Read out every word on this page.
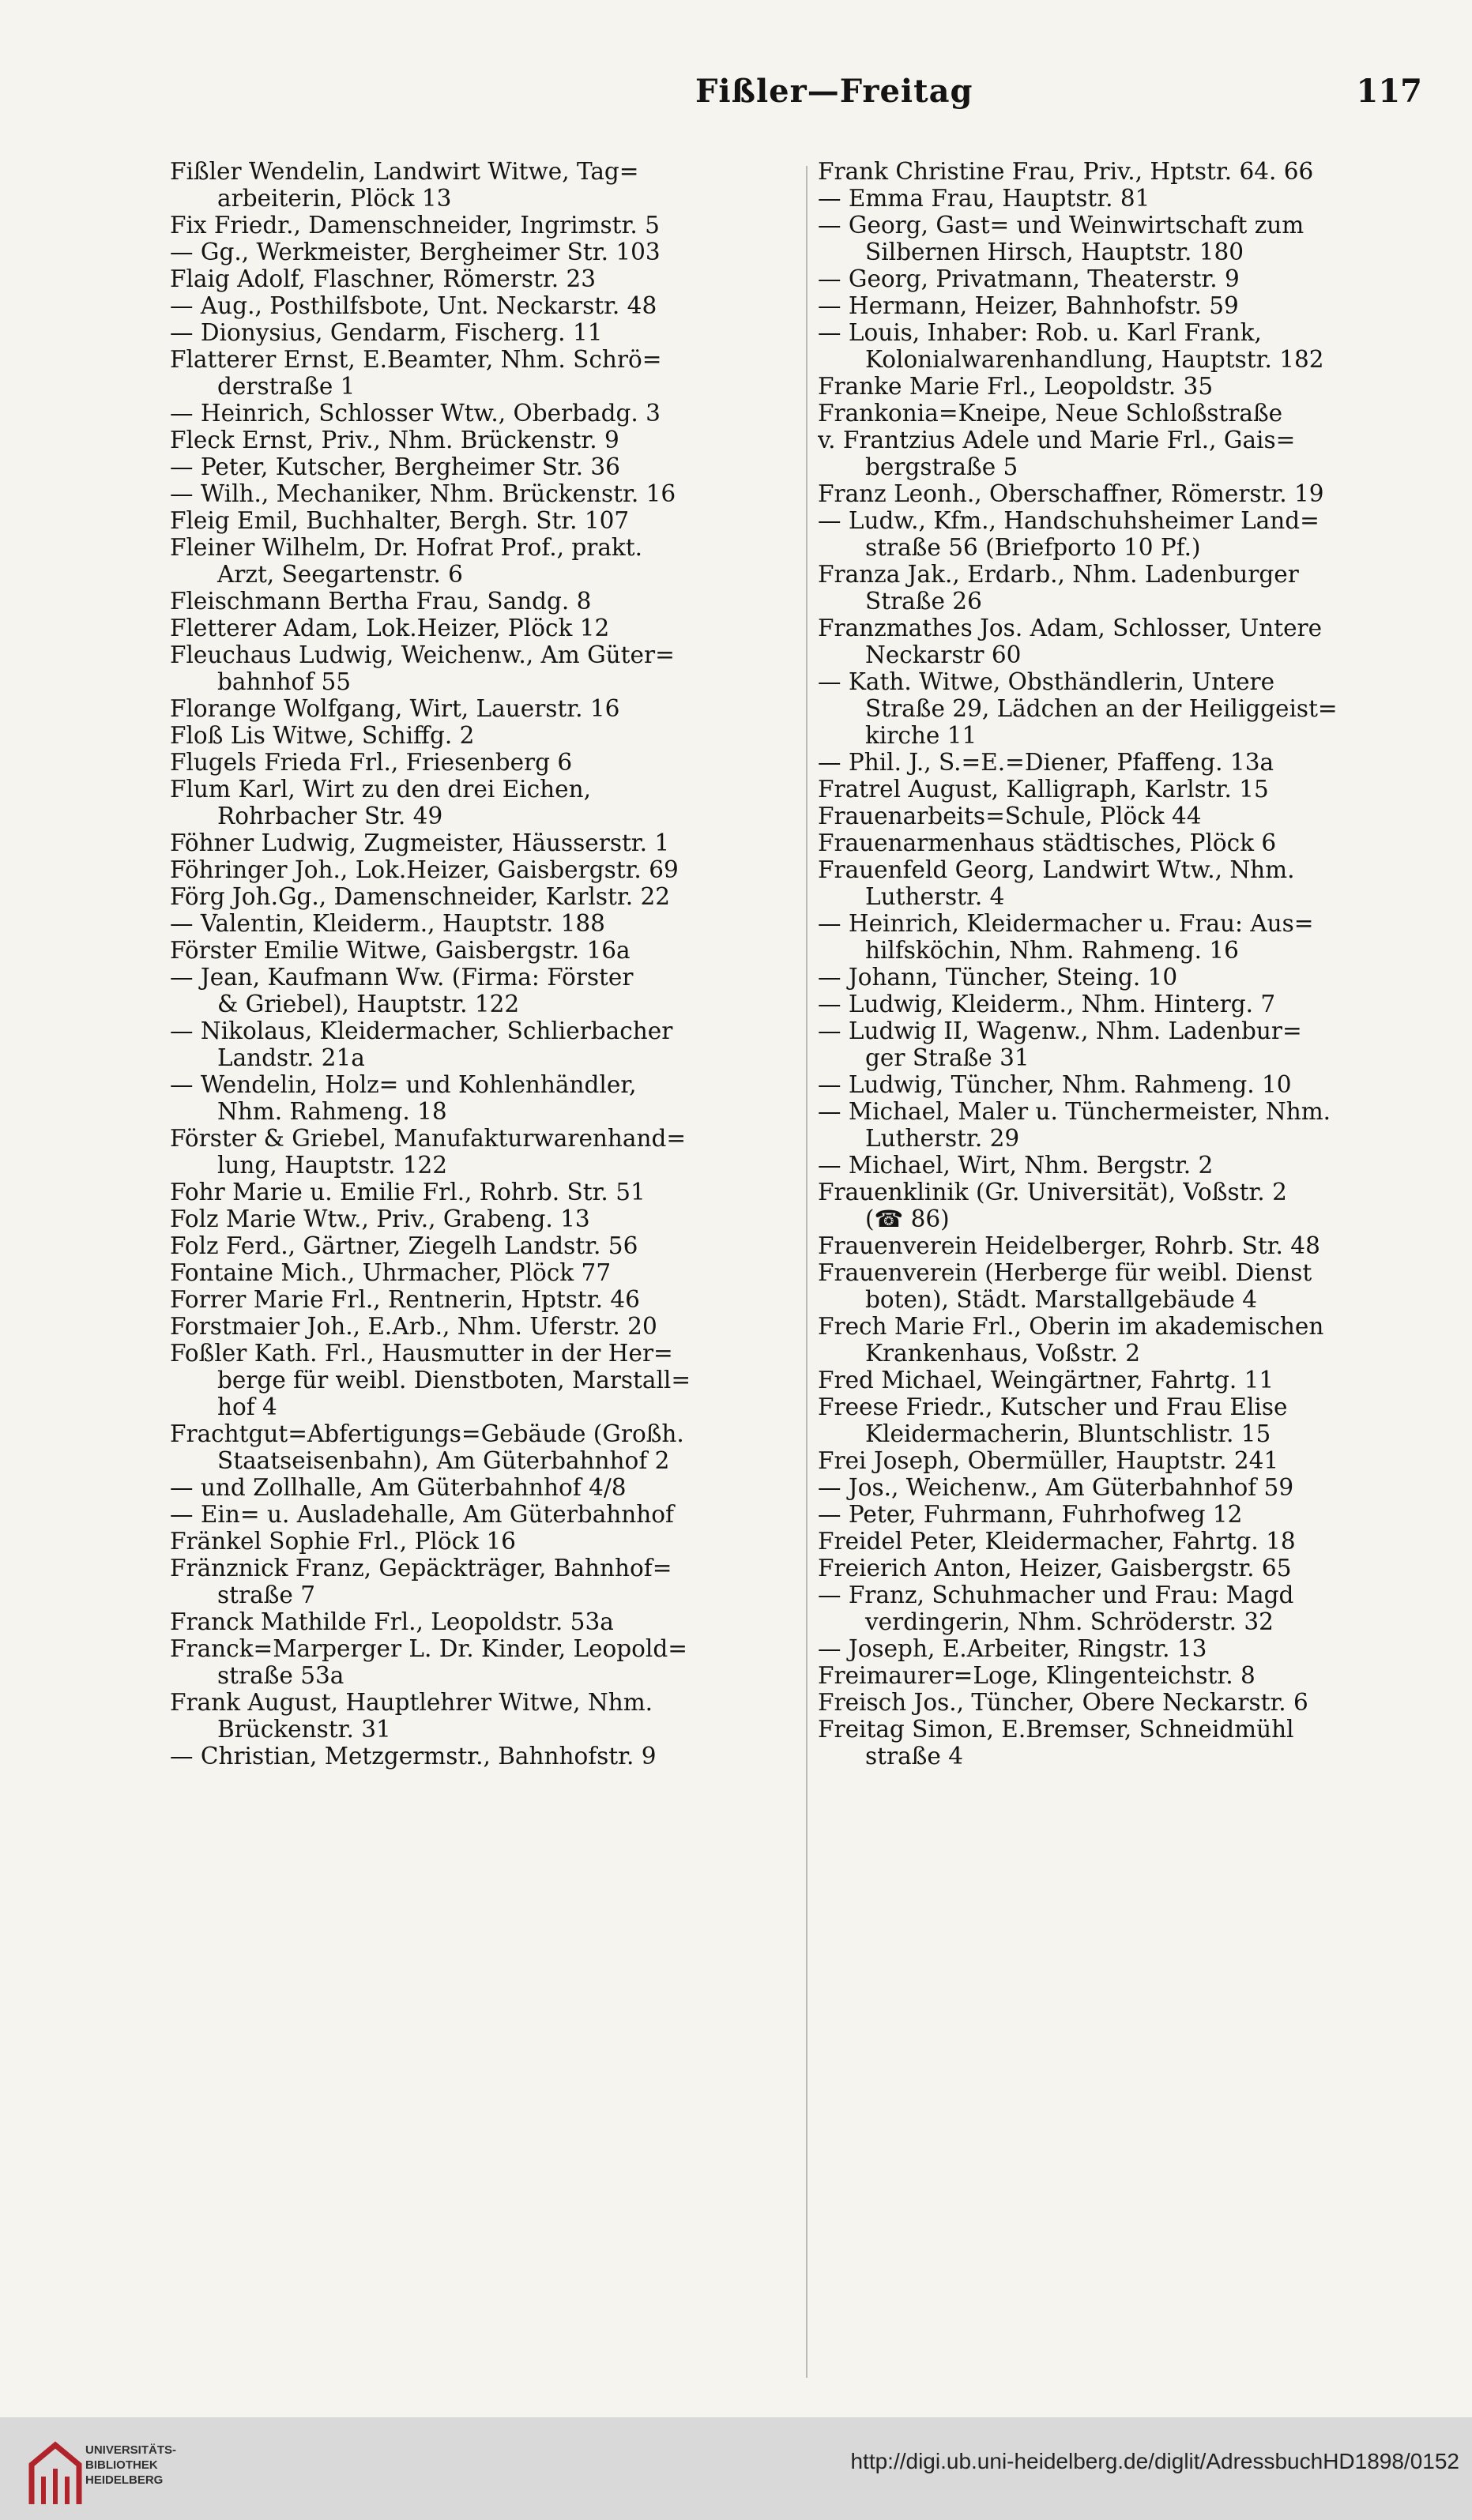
Fißler—Freitag	117
Fißler Wendelin, Landwirt Witwe, Tag=
arbeiterin, Plöck 13
Fix Friedr., Damenschneider, Ingrimstr. 5
— Gg., Werkmeister, Bergheimer Str. 103
Flaig Adolf, Flaschner, Römerstr. 23
— Aug., Posthilfsbote, Unt. Neckarstr. 48
— Dionysius, Gendarm, Fischerg. 11
Flatterer Ernst, E.Beamter, Nhm. Schrö=
derstraße 1
— Heinrich, Schlosser Wtw., Oberbadg. 3
Fleck Ernst, Priv., Nhm. Brückenstr. 9
— Peter, Kutscher, Bergheimer Str. 36
— Wilh., Mechaniker, Nhm. Brückenstr. 16
Fleig Emil, Buchhalter, Bergh. Str. 107
Fleiner Wilhelm, Dr. Hofrat Prof., prakt.
Arzt, Seegartenstr. 6
Fleischmann Bertha Frau, Sandg. 8
Fletterer Adam, Lok.Heizer, Plöck 12
Fleuchaus Ludwig, Weichenw., Am Güter=
bahnhof 55
Florange Wolfgang, Wirt, Lauerstr. 16
Floß Lis Witwe, Schiffg. 2
Flugels Frieda Frl., Friesenberg 6
Flum Karl, Wirt zu den drei Eichen,
Rohrbacher Str. 49
Föhner Ludwig, Zugmeister, Häusserstr. 1
Föhringer Joh., Lok.Heizer, Gaisbergstr. 69
Förg Joh.Gg., Damenschneider, Karlstr. 22
— Valentin, Kleiderm., Hauptstr. 188
Förster Emilie Witwe, Gaisbergstr. 16a
— Jean, Kaufmann Ww. (Firma: Förster
& Griebel), Hauptstr. 122
— Nikolaus, Kleidermacher, Schlierbacher
Landstr. 21a
— Wendelin, Holz= und Kohlenhändler,
Nhm. Rahmeng. 18
Förster & Griebel, Manufakturwarenhand=
lung, Hauptstr. 122
Fohr Marie u. Emilie Frl., Rohrb. Str. 51
Folz Marie Wtw., Priv., Grabeng. 13
Folz Ferd., Gärtner, Ziegelh Landstr. 56
Fontaine Mich., Uhrmacher, Plöck 77
Forrer Marie Frl., Rentnerin, Hptstr. 46
Forstmaier Joh., E.Arb., Nhm. Uferstr. 20
Foßler Kath. Frl., Hausmutter in der Her=
berge für weibl. Dienstboten, Marstall=
hof 4
Frachtgut=Abfertigungs=Gebäude (Großh.
Staatseisenbahn), Am Güterbahnhof 2
— und Zollhalle, Am Güterbahnhof 4/8
— Ein= u. Ausladehalle, Am Güterbahnhof
Fränkel Sophie Frl., Plöck 16
Fränznick Franz, Gepäckträger, Bahnhof=
straße 7
Franck Mathilde Frl., Leopoldstr. 53a
Franck=Marperger L. Dr. Kinder, Leopold=
straße 53a
Frank August, Hauptlehrer Witwe, Nhm.
Brückenstr. 31
— Christian, Metzgermstr., Bahnhofstr. 9
Frank Christine Frau, Priv., Hptstr. 64. 66
— Emma Frau, Hauptstr. 81
— Georg, Gast= und Weinwirtschaft zum
Silbernen Hirsch, Hauptstr. 180
— Georg, Privatmann, Theaterstr. 9
— Hermann, Heizer, Bahnhofstr. 59
— Louis, Inhaber: Rob. u. Karl Frank,
Kolonialwarenhandlung, Hauptstr. 182
Franke Marie Frl., Leopoldstr. 35
Frankonia=Kneipe, Neue Schloßstraße
v. Frantzius Adele und Marie Frl., Gais=
bergstraße 5
Franz Leonh., Oberschaffner, Römerstr. 19
— Ludw., Kfm., Handschuhsheimer Land=
straße 56 (Briefporto 10 Pf.)
Franza Jak., Erdarb., Nhm. Ladenburger
Straße 26
Franzmathes Jos. Adam, Schlosser, Untere
Neckarstr 60
— Kath. Witwe, Obsthändlerin, Untere
Straße 29, Lädchen an der Heiliggeist=
kirche 11
— Phil. J., S.=E.=Diener, Pfaffeng. 13a
Fratrel August, Kalligraph, Karlstr. 15
Frauenarbeits=Schule, Plöck 44
Frauenarmenhaus städtisches, Plöck 6
Frauenfeld Georg, Landwirt Wtw., Nhm.
Lutherstr. 4
— Heinrich, Kleidermacher u. Frau: Aus=
hilfsköchin, Nhm. Rahmeng. 16
— Johann, Tüncher, Steing. 10
— Ludwig, Kleiderm., Nhm. Hinterg. 7
— Ludwig II, Wagenw., Nhm. Ladenbur=
ger Straße 31
— Ludwig, Tüncher, Nhm. Rahmeng. 10
— Michael, Maler u. Tünchermeister, Nhm.
Lutherstr. 29
— Michael, Wirt, Nhm. Bergstr. 2
Frauenklinik (Gr. Universität), Voßstr. 2
(☎ 86)
Frauenverein Heidelberger, Rohrb. Str. 48
Frauenverein (Herberge für weibl. Dienst
boten), Städt. Marstallgebäude 4
Frech Marie Frl., Oberin im akademischen
Krankenhaus, Voßstr. 2
Fred Michael, Weingärtner, Fahrtg. 11
Freese Friedr., Kutscher und Frau Elise
Kleidermacherin, Bluntschlistr. 15
Frei Joseph, Obermüller, Hauptstr. 241
— Jos., Weichenw., Am Güterbahnhof 59
— Peter, Fuhrmann, Fuhrhofweg 12
Freidel Peter, Kleidermacher, Fahrtg. 18
Freierich Anton, Heizer, Gaisbergstr. 65
— Franz, Schuhmacher und Frau: Magd
verdingerin, Nhm. Schröderstr. 32
— Joseph, E.Arbeiter, Ringstr. 13
Freimaurer=Loge, Klingenteichstr. 8
Freisch Jos., Tüncher, Obere Neckarstr. 6
Freitag Simon, E.Bremser, Schneidmühl
straße 4
UNIVERSITÄTS-
BIBLIOTHEK
HEIDELBERG
http://digi.ub.uni-heidelberg.de/diglit/AdressbuchHD1898/0152
